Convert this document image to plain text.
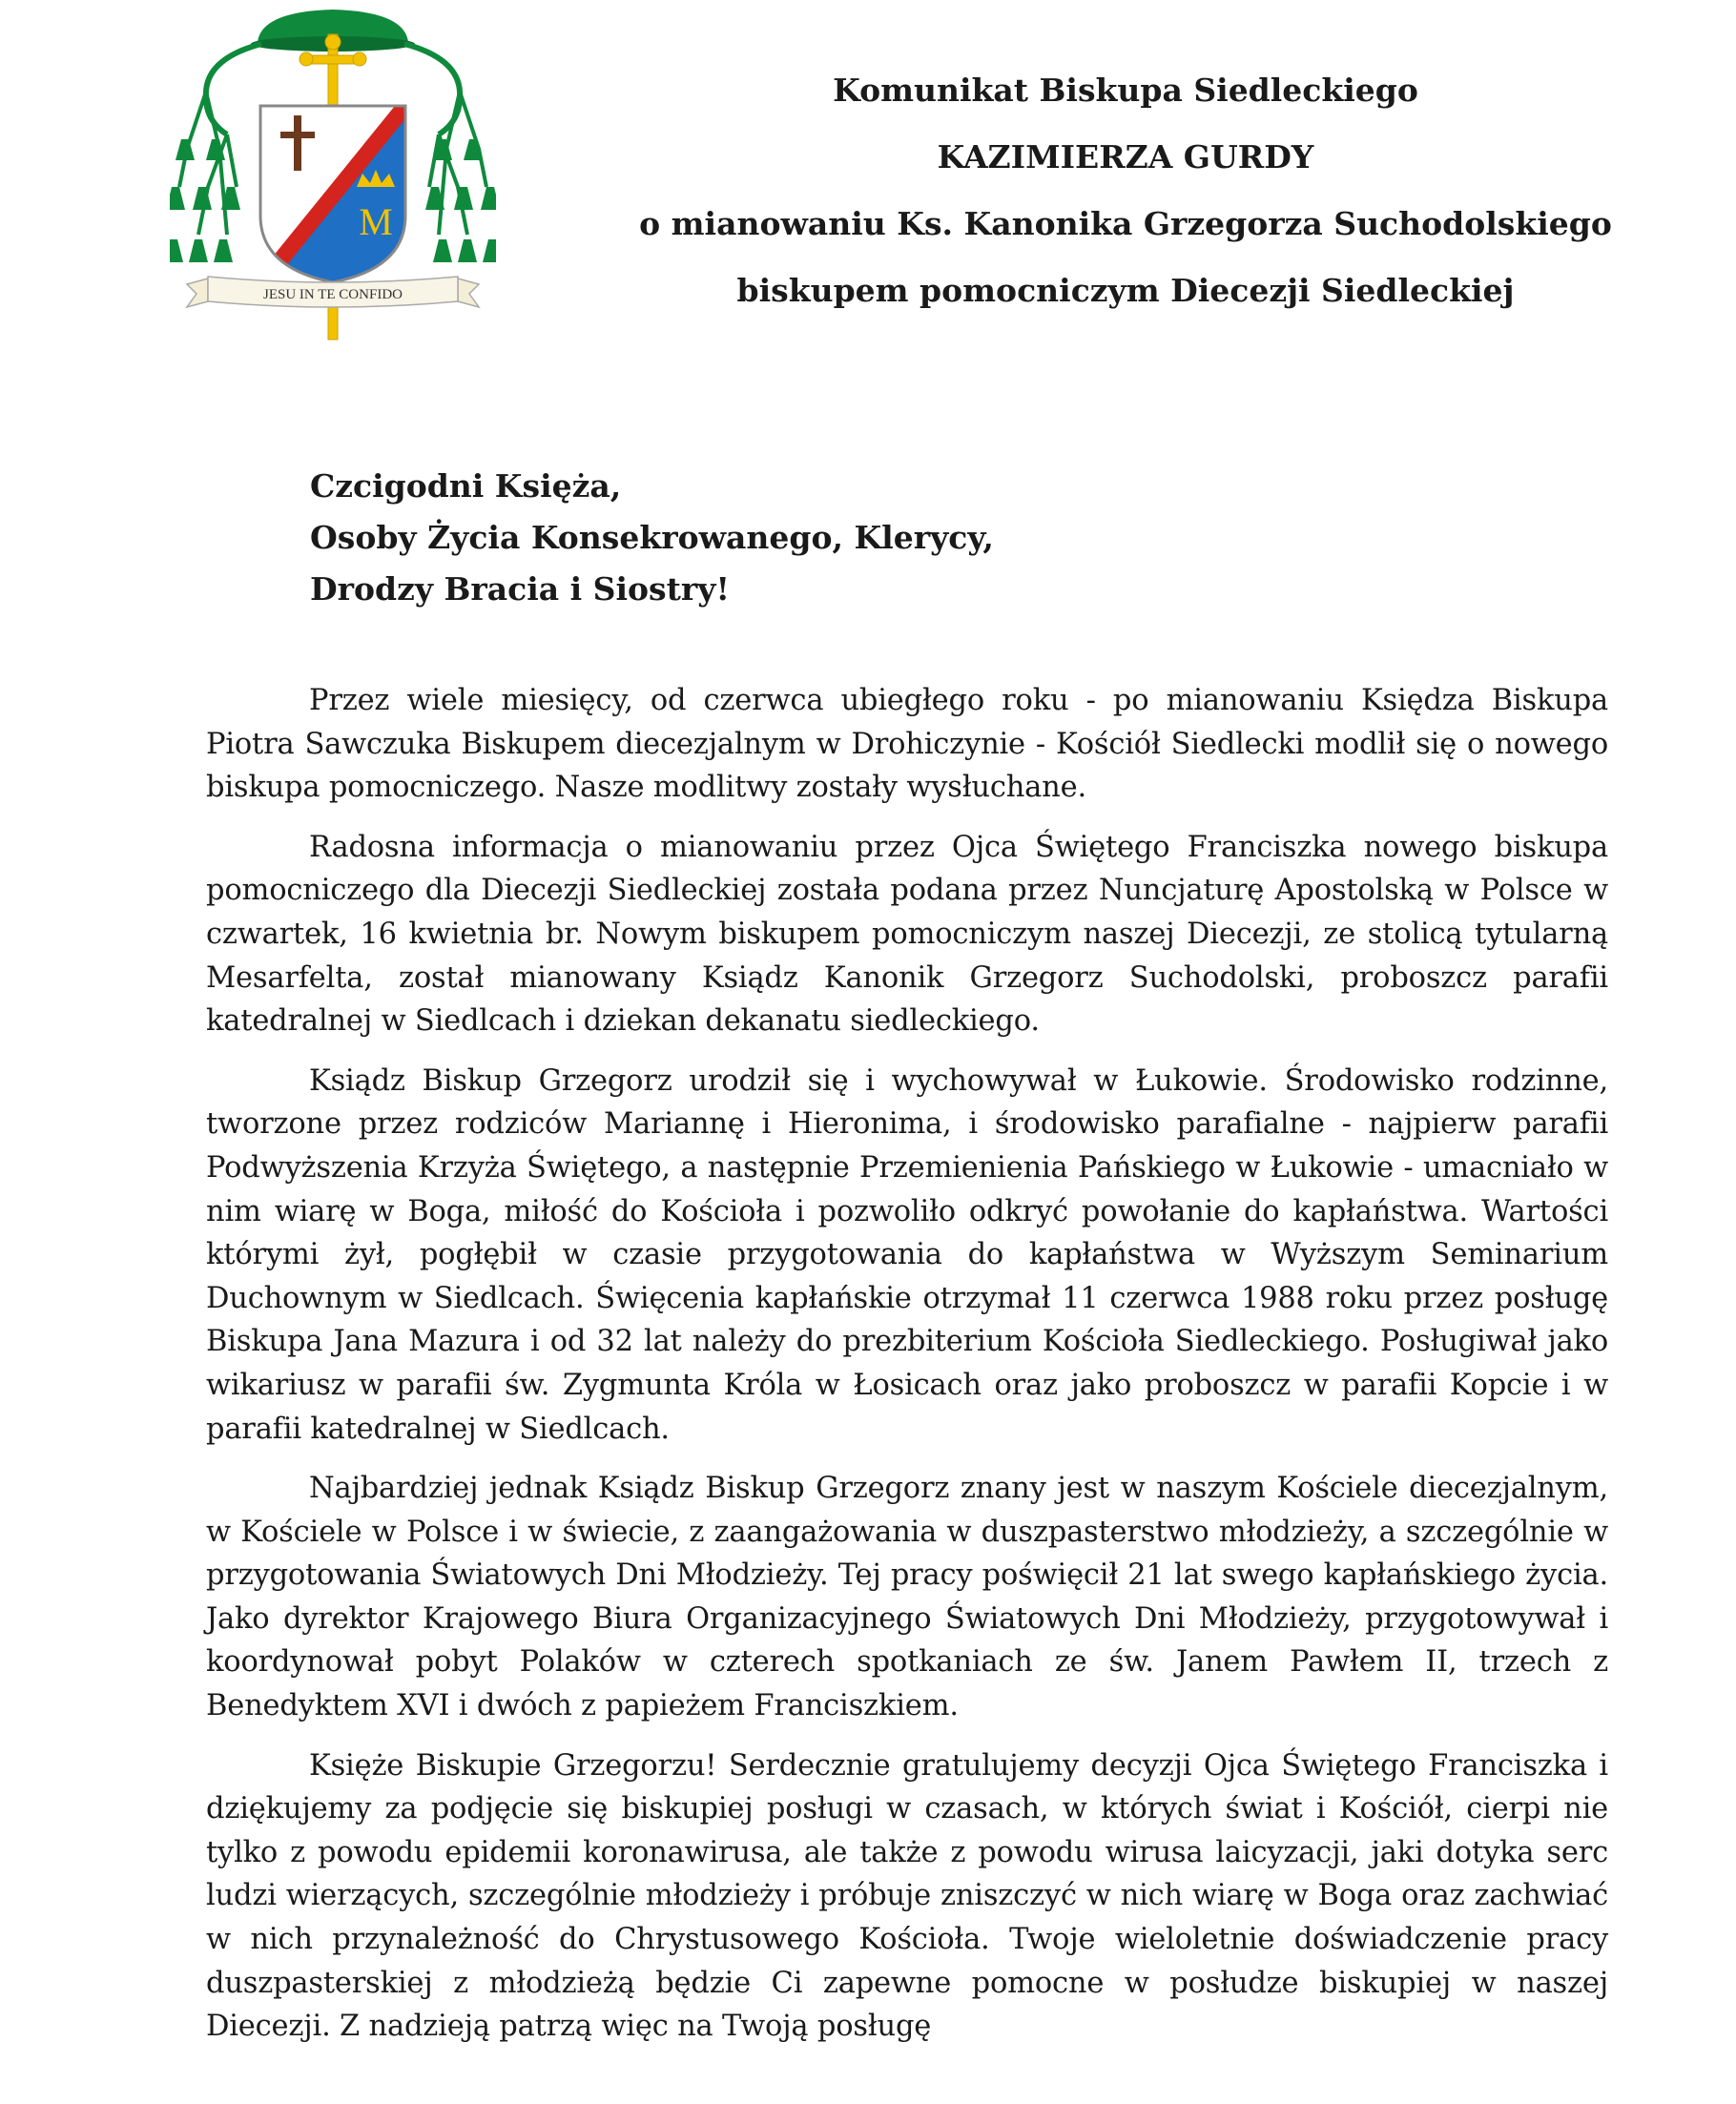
M
JESU IN TE CONFIDO
Komunikat Biskupa Siedleckiego
KAZIMIERZA GURDY
o mianowaniu Ks. Kanonika Grzegorza Suchodolskiego
biskupem pomocniczym Diecezji Siedleckiej
Czcigodni Księża,
Osoby Życia Konsekrowanego, Klerycy,
Drodzy Bracia i Siostry!

Przez wiele miesięcy, od czerwca ubiegłego roku - po mianowaniu Księdza Biskupa Piotra Sawczuka Biskupem diecezjalnym w Drohiczynie - Kościół Siedlecki modlił się o nowego biskupa pomocniczego. Nasze modlitwy zostały wysłuchane.

Radosna informacja o mianowaniu przez Ojca Świętego Franciszka nowego biskupa pomocniczego dla Diecezji Siedleckiej została podana przez Nuncjaturę Apostolską w Polsce w czwartek, 16 kwietnia br. Nowym biskupem pomocniczym naszej Diecezji, ze stolicą tytularną Mesarfelta, został mianowany Ksiądz Kanonik Grzegorz Suchodolski, proboszcz parafii katedralnej w Siedlcach i dziekan dekanatu siedleckiego.

Ksiądz Biskup Grzegorz urodził się i wychowywał w Łukowie. Środowisko rodzinne, tworzone przez rodziców Mariannę i Hieronima, i środowisko parafialne - najpierw parafii Podwyższenia Krzyża Świętego, a następnie Przemienienia Pańskiego w Łukowie - umacniało w nim wiarę w Boga, miłość do Kościoła i pozwoliło odkryć powołanie do kapłaństwa. Wartości którymi żył, pogłębił w czasie przygotowania do kapłaństwa w Wyższym Seminarium Duchownym w Siedlcach. Święcenia kapłańskie otrzymał 11 czerwca 1988 roku przez posługę Biskupa Jana Mazura i od 32 lat należy do prezbiterium Kościoła Siedleckiego. Posługiwał jako wikariusz w parafii św. Zygmunta Króla w Łosicach oraz jako proboszcz w parafii Kopcie i w parafii katedralnej w Siedlcach.

Najbardziej jednak Ksiądz Biskup Grzegorz znany jest w naszym Kościele diecezjalnym, w Kościele w Polsce i w świecie, z zaangażowania w duszpasterstwo młodzieży, a szczególnie w przygotowania Światowych Dni Młodzieży. Tej pracy poświęcił 21 lat swego kapłańskiego życia. Jako dyrektor Krajowego Biura Organizacyjnego Światowych Dni Młodzieży, przygotowywał i koordynował pobyt Polaków w czterech spotkaniach ze św. Janem Pawłem II, trzech z Benedyktem XVI i dwóch z papieżem Franciszkiem.

Księże Biskupie Grzegorzu! Serdecznie gratulujemy decyzji Ojca Świętego Franciszka i dziękujemy za podjęcie się biskupiej posługi w czasach, w których świat i Kościół, cierpi nie tylko z powodu epidemii koronawirusa, ale także z powodu wirusa laicyzacji, jaki dotyka serc ludzi wierzących, szczególnie młodzieży i próbuje zniszczyć w nich wiarę w Boga oraz zachwiać w nich przynależność do Chrystusowego Kościoła. Twoje wieloletnie doświadczenie pracy duszpasterskiej z młodzieżą będzie Ci zapewne pomocne w posłudze biskupiej w naszej Diecezji. Z nadzieją patrzą więc na Twoją posługę
